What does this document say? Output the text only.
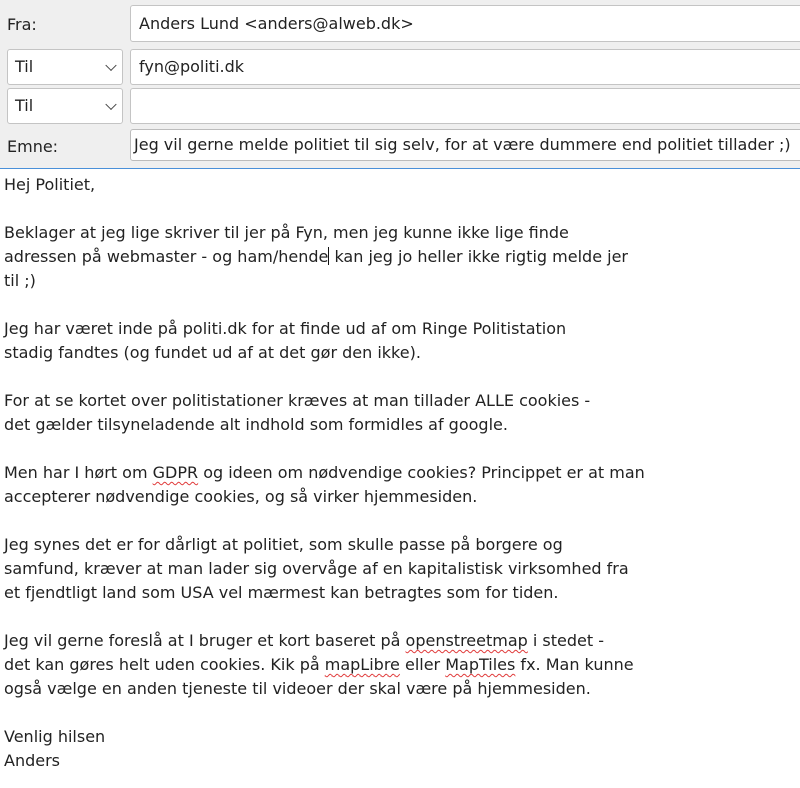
Fra:	Anders Lund <anders@alweb.dk>
Til	fyn@politi.dk
Til
Emne:	Jeg vil gerne melde politiet til sig selv, for at være dummere end politiet tillader ;)

Hej Politiet,

Beklager at jeg lige skriver til jer på Fyn, men jeg kunne ikke lige finde
adressen på webmaster - og ham/hende kan jeg jo heller ikke rigtig melde jer
til ;)

Jeg har været inde på politi.dk for at finde ud af om Ringe Politistation
stadig fandtes (og fundet ud af at det gør den ikke).

For at se kortet over politistationer kræves at man tillader ALLE cookies -
det gælder tilsyneladende alt indhold som formidles af google.

Men har I hørt om GDPR og ideen om nødvendige cookies? Princippet er at man
accepterer nødvendige cookies, og så virker hjemmesiden.

Jeg synes det er for dårligt at politiet, som skulle passe på borgere og
samfund, kræver at man lader sig overvåge af en kapitalistisk virksomhed fra
et fjendtligt land som USA vel mærmest kan betragtes som for tiden.

Jeg vil gerne foreslå at I bruger et kort baseret på openstreetmap i stedet -
det kan gøres helt uden cookies. Kik på mapLibre eller MapTiles fx. Man kunne
også vælge en anden tjeneste til videoer der skal være på hjemmesiden.

Venlig hilsen
Anders
